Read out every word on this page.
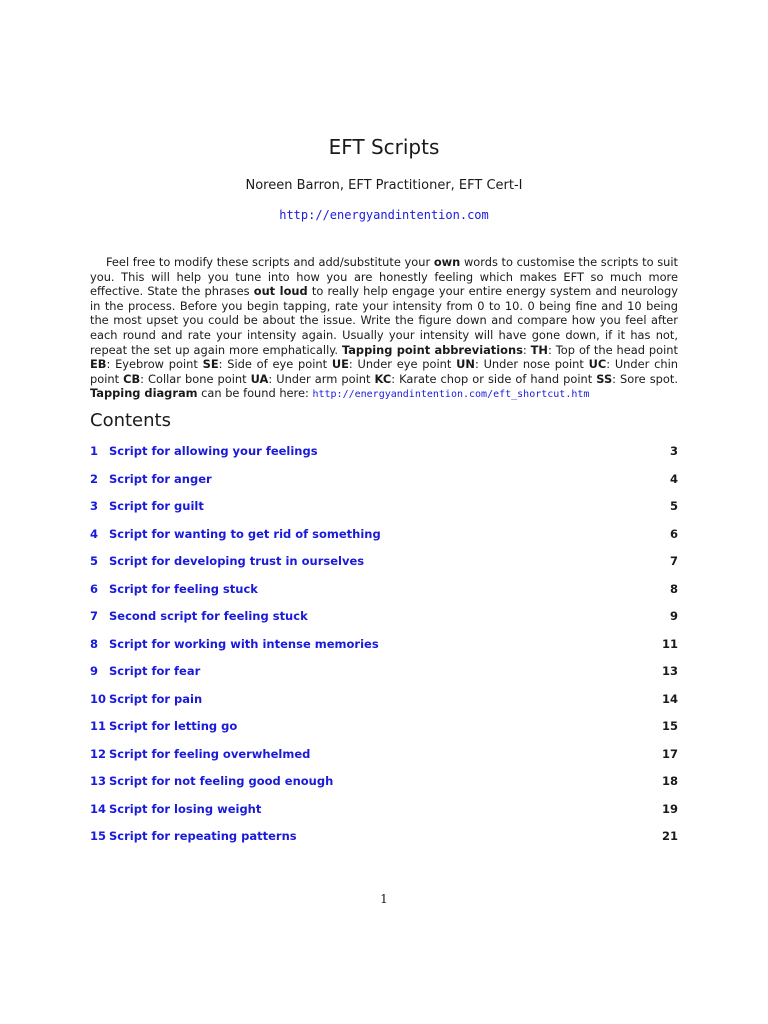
EFT Scripts
Noreen Barron, EFT Practitioner, EFT Cert-I
http://energyandintention.com
Feel free to modify these scripts and add/substitute your own words to customise the scripts to suit you. This will help you tune into how you are honestly feeling which makes EFT so much more effective. State the phrases out loud to really help engage your entire energy system and neurology in the process. Before you begin tapping, rate your intensity from 0 to 10. 0 being fine and 10 being the most upset you could be about the issue. Write the figure down and compare how you feel after each round and rate your intensity again. Usually your intensity will have gone down, if it has not, repeat the set up again more emphatically. Tapping point abbreviations: TH: Top of the head point EB: Eyebrow point SE: Side of eye point UE: Under eye point UN: Under nose point UC: Under chin point CB: Collar bone point UA: Under arm point KC: Karate chop or side of hand point SS: Sore spot. Tapping diagram can be found here: http://energyandintention.com/eft_shortcut.htm
Contents
1 Script for allowing your feelings	3
2 Script for anger	4
3 Script for guilt	5
4 Script for wanting to get rid of something	6
5 Script for developing trust in ourselves	7
6 Script for feeling stuck	8
7 Second script for feeling stuck	9
8 Script for working with intense memories	11
9 Script for fear	13
10 Script for pain	14
11 Script for letting go	15
12 Script for feeling overwhelmed	17
13 Script for not feeling good enough	18
14 Script for losing weight	19
15 Script for repeating patterns	21
1
